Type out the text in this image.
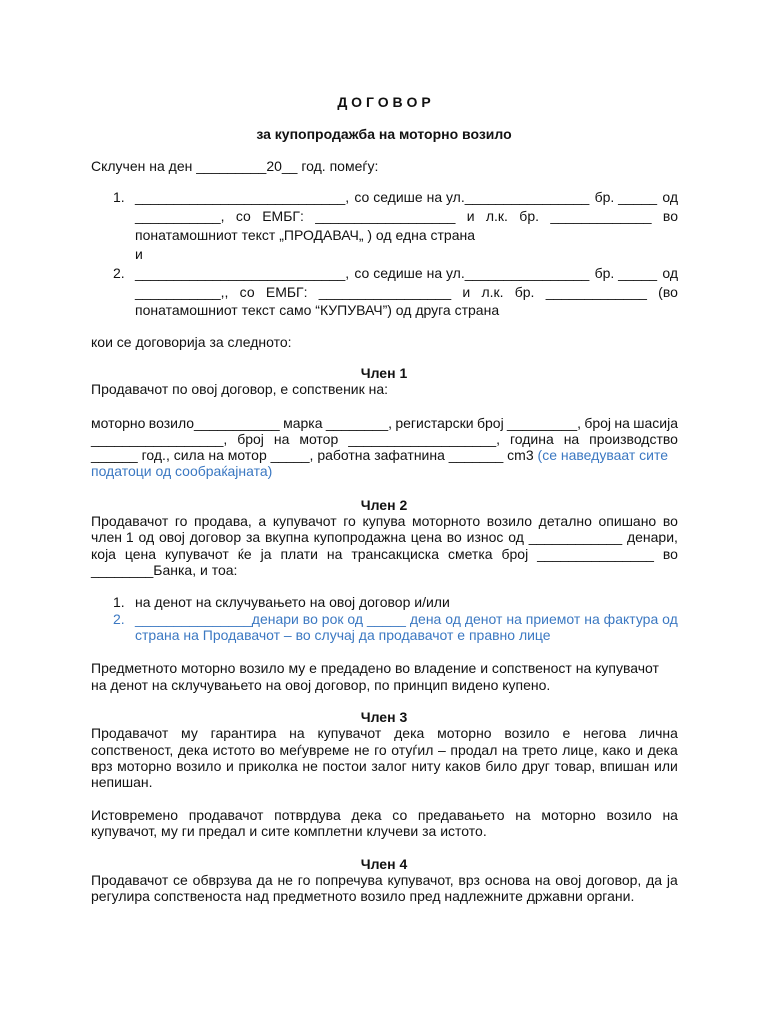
Д О Г О В О Р
за купопродажба на моторно возило
Склучен на ден _________20__ год. помеѓу:
1. ___________________________, со седише на ул.________________ бр. _____ од
___________, со ЕМБГ: __________________ и л.к. бр. _____________ во
понатамошниот текст „ПРОДАВАЧ„ ) од една страна
и
2. ___________________________, со седише на ул.________________ бр. _____ од
___________,, со ЕМБГ: _________________ и л.к. бр. _____________ (во
понатамошниот текст само “КУПУВАЧ”) од друга страна
кои се договорија за следното:
Член 1
Продавачот по овој договор, е сопственик на:
моторно возило___________ марка ________, регистарски број _________, број на шасија
_________________, број на мотор ___________________, година на производство
______ год., сила на мотор _____, работна зафатнина _______ cm3 (се наведуваат сите
податоци од сообраќајната)
Член 2
Продавачот го продава, а купувачот го купува моторното возило детално опишано во
член 1 од овој договор за вкупна купопродажна цена во износ од ____________ денари,
која цена купувачот ќе ја плати на трансакциска сметка број _______________ во
________Банка, и тоа:
1. на денот на склучувањето на овој договор и/или
2. _______________денари во рок од _____ дена од денот на приемот на фактура од
страна на Продавачот – во случај да продавачот е правно лице
Предметното моторно возило му е предадено во владение и сопственост на купувачот
на денот на склучувањето на овој договор, по принцип видено купено.
Член 3
Продавачот му гарантира на купувачот дека моторно возило е негова лична
сопственост, дека истото во меѓувреме не го отуѓил – продал на трето лице, како и дека
врз моторно возило и приколка не постои залог ниту каков било друг товар, впишан или
непишан.
Истовремено продавачот потврдува дека со предавањето на моторно возило на
купувачот, му ги предал и сите комплетни клучеви за истото.
Член 4
Продавачот се обврзува да не го попречува купувачот, врз основа на овој договор, да ја
регулира сопственоста над предметното возило пред надлежните државни органи.
